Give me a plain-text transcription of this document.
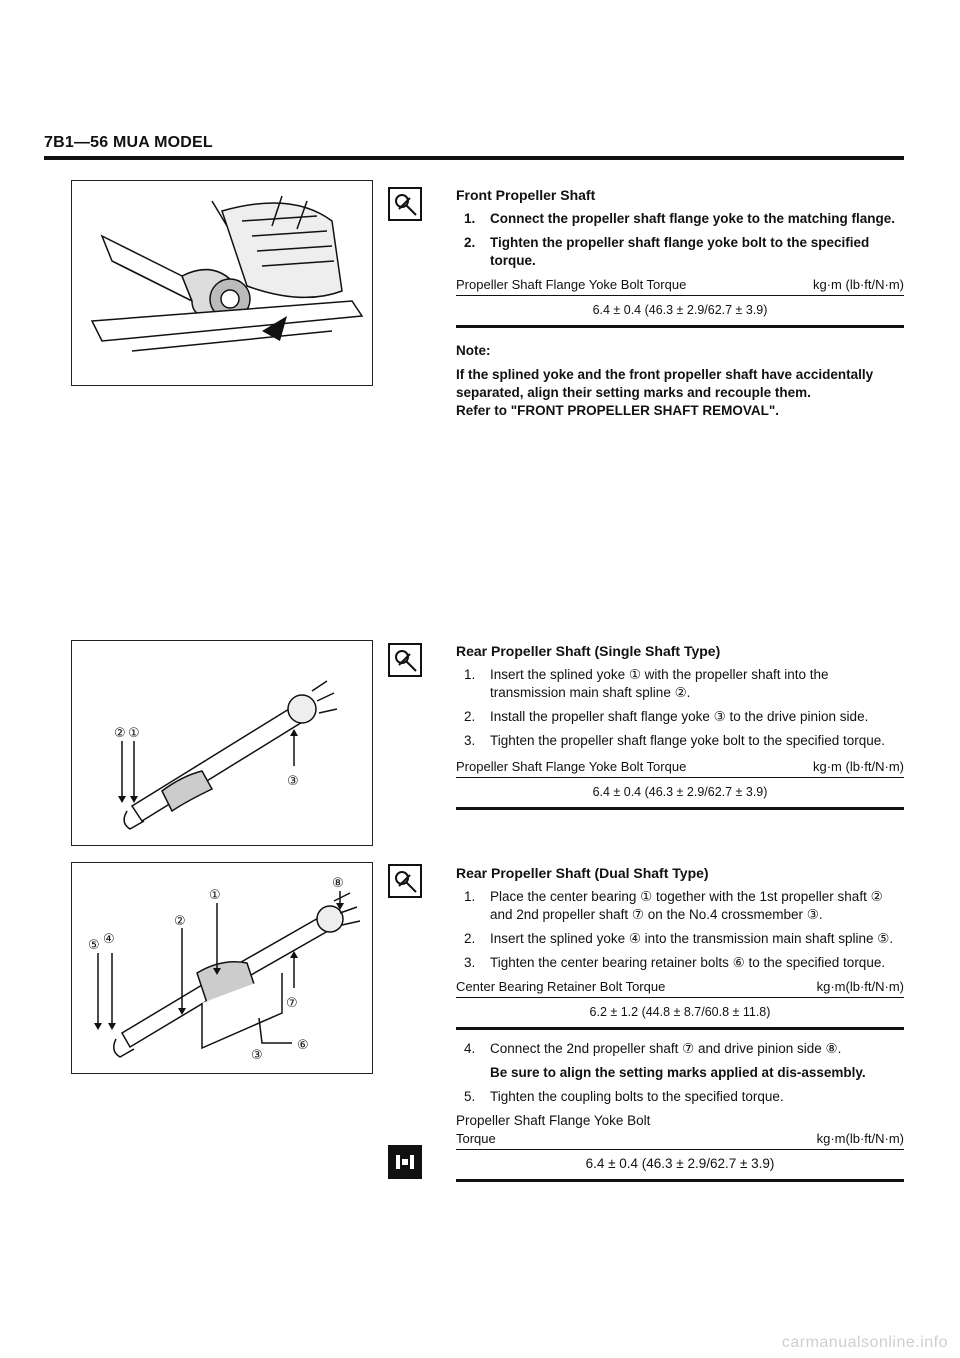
7B1—56 MUA MODEL
Front Propeller Shaft
1.	Connect the propeller shaft flange yoke to the matching flange.
2.	Tighten the propeller shaft flange yoke bolt to the specified torque.
Propeller Shaft Flange Yoke Bolt Torque	kg·m (lb·ft/N·m)
6.4 ± 0.4 (46.3 ± 2.9/62.7 ± 3.9)
Note:
If the splined yoke and the front propeller shaft have accidentally separated, align their setting marks and recouple them.
Refer to "FRONT PROPELLER SHAFT REMOVAL".
② ①
③
Rear Propeller Shaft (Single Shaft Type)
1.	Insert the splined yoke ① with the propeller shaft into the transmission main shaft spline ②.
2.	Install the propeller shaft flange yoke ③ to the drive pinion side.
3.	Tighten the propeller shaft flange yoke bolt to the specified torque.
Propeller Shaft Flange Yoke Bolt Torque	kg·m (lb·ft/N·m)
6.4 ± 0.4 (46.3 ± 2.9/62.7 ± 3.9)
⑤ ④
②
①
⑧
⑦
③
⑥
Rear Propeller Shaft (Dual Shaft Type)
1.	Place the center bearing ① together with the 1st propeller shaft ② and 2nd propeller shaft ⑦ on the No.4 crossmember ③.
2.	Insert the splined yoke ④ into the transmission main shaft spline ⑤.
3.	Tighten the center bearing retainer bolts ⑥ to the specified torque.
Center Bearing Retainer Bolt Torque	kg·m(lb·ft/N·m)
6.2 ± 1.2 (44.8 ± 8.7/60.8 ± 11.8)
4.	Connect the 2nd propeller shaft ⑦ and drive pinion side ⑧.
Be sure to align the setting marks applied at dis-assembly.
5.	Tighten the coupling bolts to the specified torque.
Propeller Shaft Flange Yoke Bolt
Torque	kg·m(lb·ft/N·m)
6.4 ± 0.4 (46.3 ± 2.9/62.7 ± 3.9)
carmanualsonline.info
